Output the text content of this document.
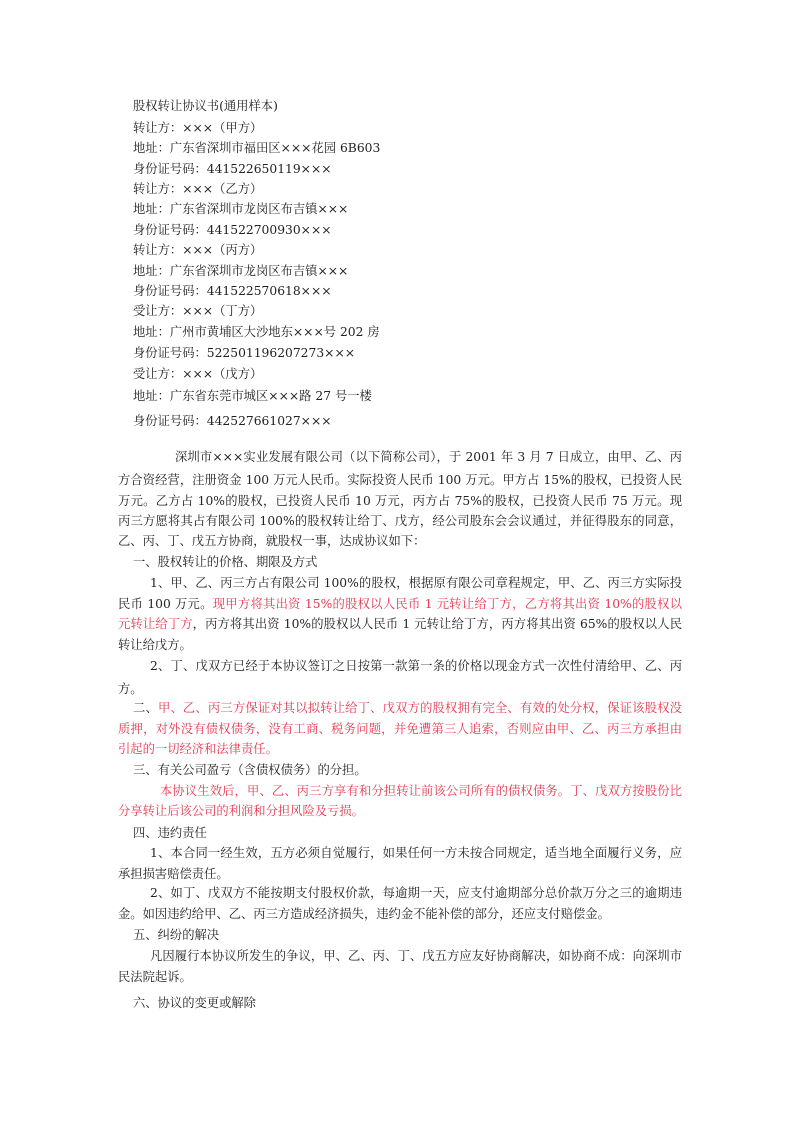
股权转让协议书(通用样本)
转让方：×××（甲方）
地址：广东省深圳市福田区×××花园 6B603
身份证号码：441522650119×××
转让方：×××（乙方）
地址：广东省深圳市龙岗区布吉镇×××
身份证号码：441522700930×××
转让方：×××（丙方）
地址：广东省深圳市龙岗区布吉镇×××
身份证号码：441522570618×××
受让方：×××（丁方）
地址：广州市黄埔区大沙地东×××号 202 房
身份证号码：522501196207273×××
受让方：×××（戊方）
地址：广东省东莞市城区×××路 27 号一楼
身份证号码：442527661027×××
深圳市×××实业发展有限公司（以下简称公司），于 2001 年 3 月 7 日成立，由甲、乙、丙
方合资经营，注册资金 100 万元人民币。实际投资人民币 100 万元。甲方占 15%的股权，已投资人民
万元。乙方占 10%的股权，已投资人民币 10 万元，丙方占 75%的股权，已投资人民币 75 万元。现
丙三方愿将其占有限公司 100%的股权转让给丁、戊方，经公司股东会会议通过，并征得股东的同意，
乙、丙、丁、戊五方协商，就股权一事，达成协议如下：
一、股权转让的价格、期限及方式
1、甲、乙、丙三方占有限公司 100%的股权，根据原有限公司章程规定，甲、乙、丙三方实际投
民币 100 万元。现甲方将其出资 15%的股权以人民币 1 元转让给丁方，乙方将其出资 10%的股权以
元转让给丁方，丙方将其出资 10%的股权以人民币 1 元转让给丁方，丙方将其出资 65%的股权以人民
转让给戊方。
2、丁、戊双方已经于本协议签订之日按第一款第一条的价格以现金方式一次性付清给甲、乙、丙
方。
二、甲、乙、丙三方保证对其以拟转让给丁、戊双方的股权拥有完全、有效的处分权，保证该股权没
质押，对外没有债权债务，没有工商、税务问题，并免遭第三人追索，否则应由甲、乙、丙三方承担由
引起的一切经济和法律责任。
三、有关公司盈亏（含债权债务）的分担。
本协议生效后，甲、乙、丙三方享有和分担转让前该公司所有的债权债务。丁、戊双方按股份比
分享转让后该公司的利润和分担风险及亏损。
四、违约责任
1、本合同一经生效，五方必须自觉履行，如果任何一方未按合同规定，适当地全面履行义务，应
承担损害赔偿责任。
2、如丁、戊双方不能按期支付股权价款，每逾期一天，应支付逾期部分总价款万分之三的逾期违
金。如因违约给甲、乙、丙三方造成经济损失，违约金不能补偿的部分，还应支付赔偿金。
五、纠纷的解决
凡因履行本协议所发生的争议，甲、乙、丙、丁、戊五方应友好协商解决，如协商不成：向深圳市
民法院起诉。
六、协议的变更或解除
